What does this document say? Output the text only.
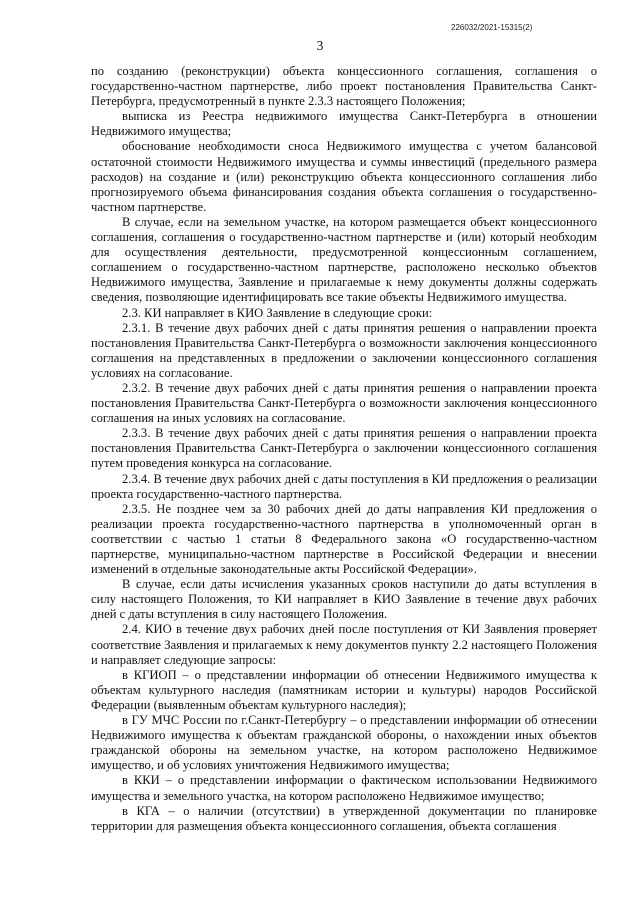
226032/2021-15315(2)
3

по созданию (реконструкции) объекта концессионного соглашения, соглашения о государственно-частном партнерстве, либо проект постановления Правительства Санкт-Петербурга, предусмотренный в пункте 2.3.3 настоящего Положения;

выписка из Реестра недвижимого имущества Санкт-Петербурга в отношении Недвижимого имущества;

обоснование необходимости сноса Недвижимого имущества с учетом балансовой остаточной стоимости Недвижимого имущества и суммы инвестиций (предельного размера расходов) на создание и (или) реконструкцию объекта концессионного соглашения либо прогнозируемого объема финансирования создания объекта соглашения о государственно-частном партнерстве.

В случае, если на земельном участке, на котором размещается объект концессионного соглашения, соглашения о государственно-частном партнерстве и (или) который необходим для осуществления деятельности, предусмотренной концессионным соглашением, соглашением о государственно-частном партнерстве, расположено несколько объектов Недвижимого имущества, Заявление и прилагаемые к нему документы должны содержать сведения, позволяющие идентифицировать все такие объекты Недвижимого имущества.

2.3. КИ направляет в КИО Заявление в следующие сроки:

2.3.1. В течение двух рабочих дней с даты принятия решения о направлении проекта постановления Правительства Санкт-Петербурга о возможности заключения концессионного соглашения на представленных в предложении о заключении концессионного соглашения условиях на согласование.

2.3.2. В течение двух рабочих дней с даты принятия решения о направлении проекта постановления Правительства Санкт-Петербурга о возможности заключения концессионного соглашения на иных условиях на согласование.

2.3.3. В течение двух рабочих дней с даты принятия решения о направлении проекта постановления Правительства Санкт-Петербурга о заключении концессионного соглашения путем проведения конкурса на согласование.

2.3.4. В течение двух рабочих дней с даты поступления в КИ предложения о реализации проекта государственно-частного партнерства.

2.3.5. Не позднее чем за 30 рабочих дней до даты направления КИ предложения о реализации проекта государственно-частного партнерства в уполномоченный орган в соответствии с частью 1 статьи 8 Федерального закона «О государственно-частном партнерстве, муниципально-частном партнерстве в Российской Федерации и внесении изменений в отдельные законодательные акты Российской Федерации».

В случае, если даты исчисления указанных сроков наступили до даты вступления в силу настоящего Положения, то КИ направляет в КИО Заявление в течение двух рабочих дней с даты вступления в силу настоящего Положения.

2.4. КИО в течение двух рабочих дней после поступления от КИ Заявления проверяет соответствие Заявления и прилагаемых к нему документов пункту 2.2 настоящего Положения и направляет следующие запросы:

в КГИОП – о представлении информации об отнесении Недвижимого имущества к объектам культурного наследия (памятникам истории и культуры) народов Российской Федерации (выявленным объектам культурного наследия);

в ГУ МЧС России по г.Санкт-Петербургу – о представлении информации об отнесении Недвижимого имущества к объектам гражданской обороны, о нахождении иных объектов гражданской обороны на земельном участке, на котором расположено Недвижимое имущество, и об условиях уничтожения Недвижимого имущества;

в ККИ – о представлении информации о фактическом использовании Недвижимого имущества и земельного участка, на котором расположено Недвижимое имущество;

в КГА – о наличии (отсутствии) в утвержденной документации по планировке территории для размещения объекта концессионного соглашения, объекта соглашения
